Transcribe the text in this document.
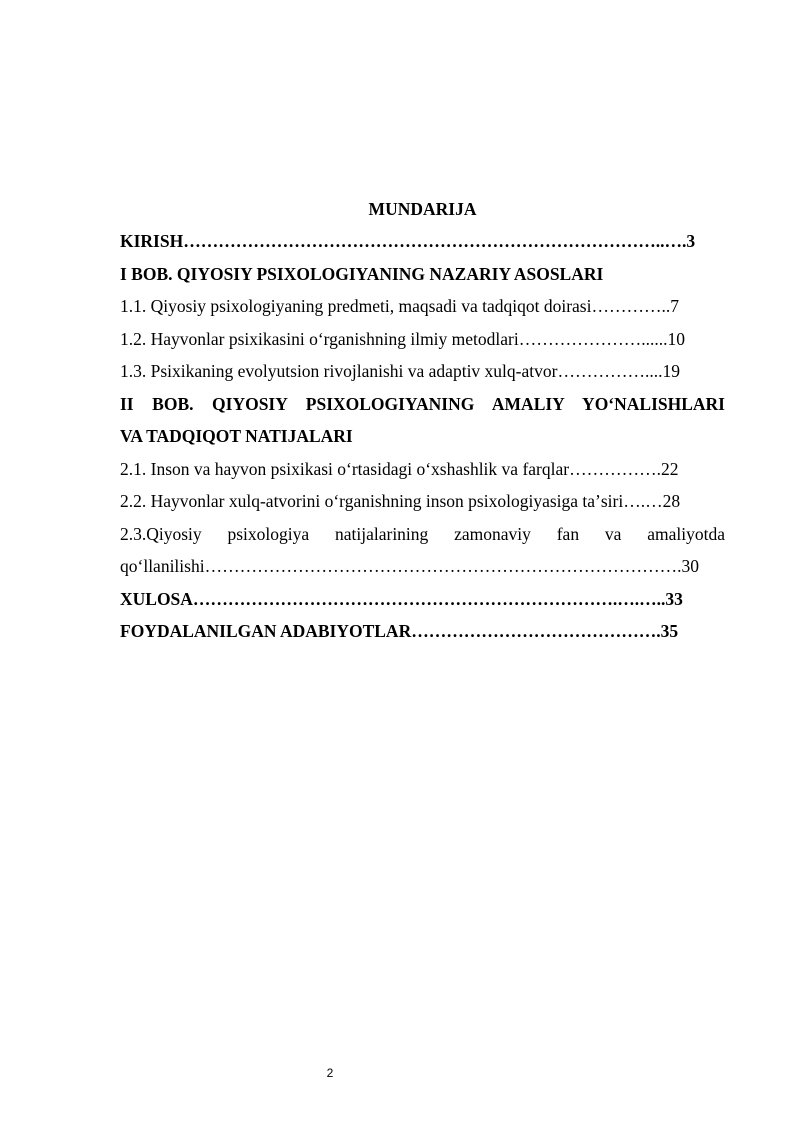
MUNDARIJA
KIRISH………………………………………………………………………..….3
I BOB. QIYOSIY PSIXOLOGIYANING NAZARIY ASOSLARI
1.1. Qiyosiy psixologiyaning predmeti, maqsadi va tadqiqot doirasi…………..7
1.2. Hayvonlar psixikasini oʻrganishning ilmiy metodlari…………………......10
1.3. Psixikaning evolyutsion rivojlanishi va adaptiv xulq-atvor……………....19
II BOB. QIYOSIY PSIXOLOGIYANING AMALIY YOʻNALISHLARI
VA TADQIQOT NATIJALARI
2.1. Inson va hayvon psixikasi oʻrtasidagi oʻxshashlik va farqlar…………….22
2.2. Hayvonlar xulq-atvorini oʻrganishning inson psixologiyasiga taʼsiri….…28
2.3.Qiyosiy psixologiya natijalarining zamonaviy fan va amaliyotda
qoʻllanilishi……………………………………………………………………….30
XULOSA……………………………………………………………….….…..33
FOYDALANILGAN ADABIYOTLAR…………………………………….35
2
